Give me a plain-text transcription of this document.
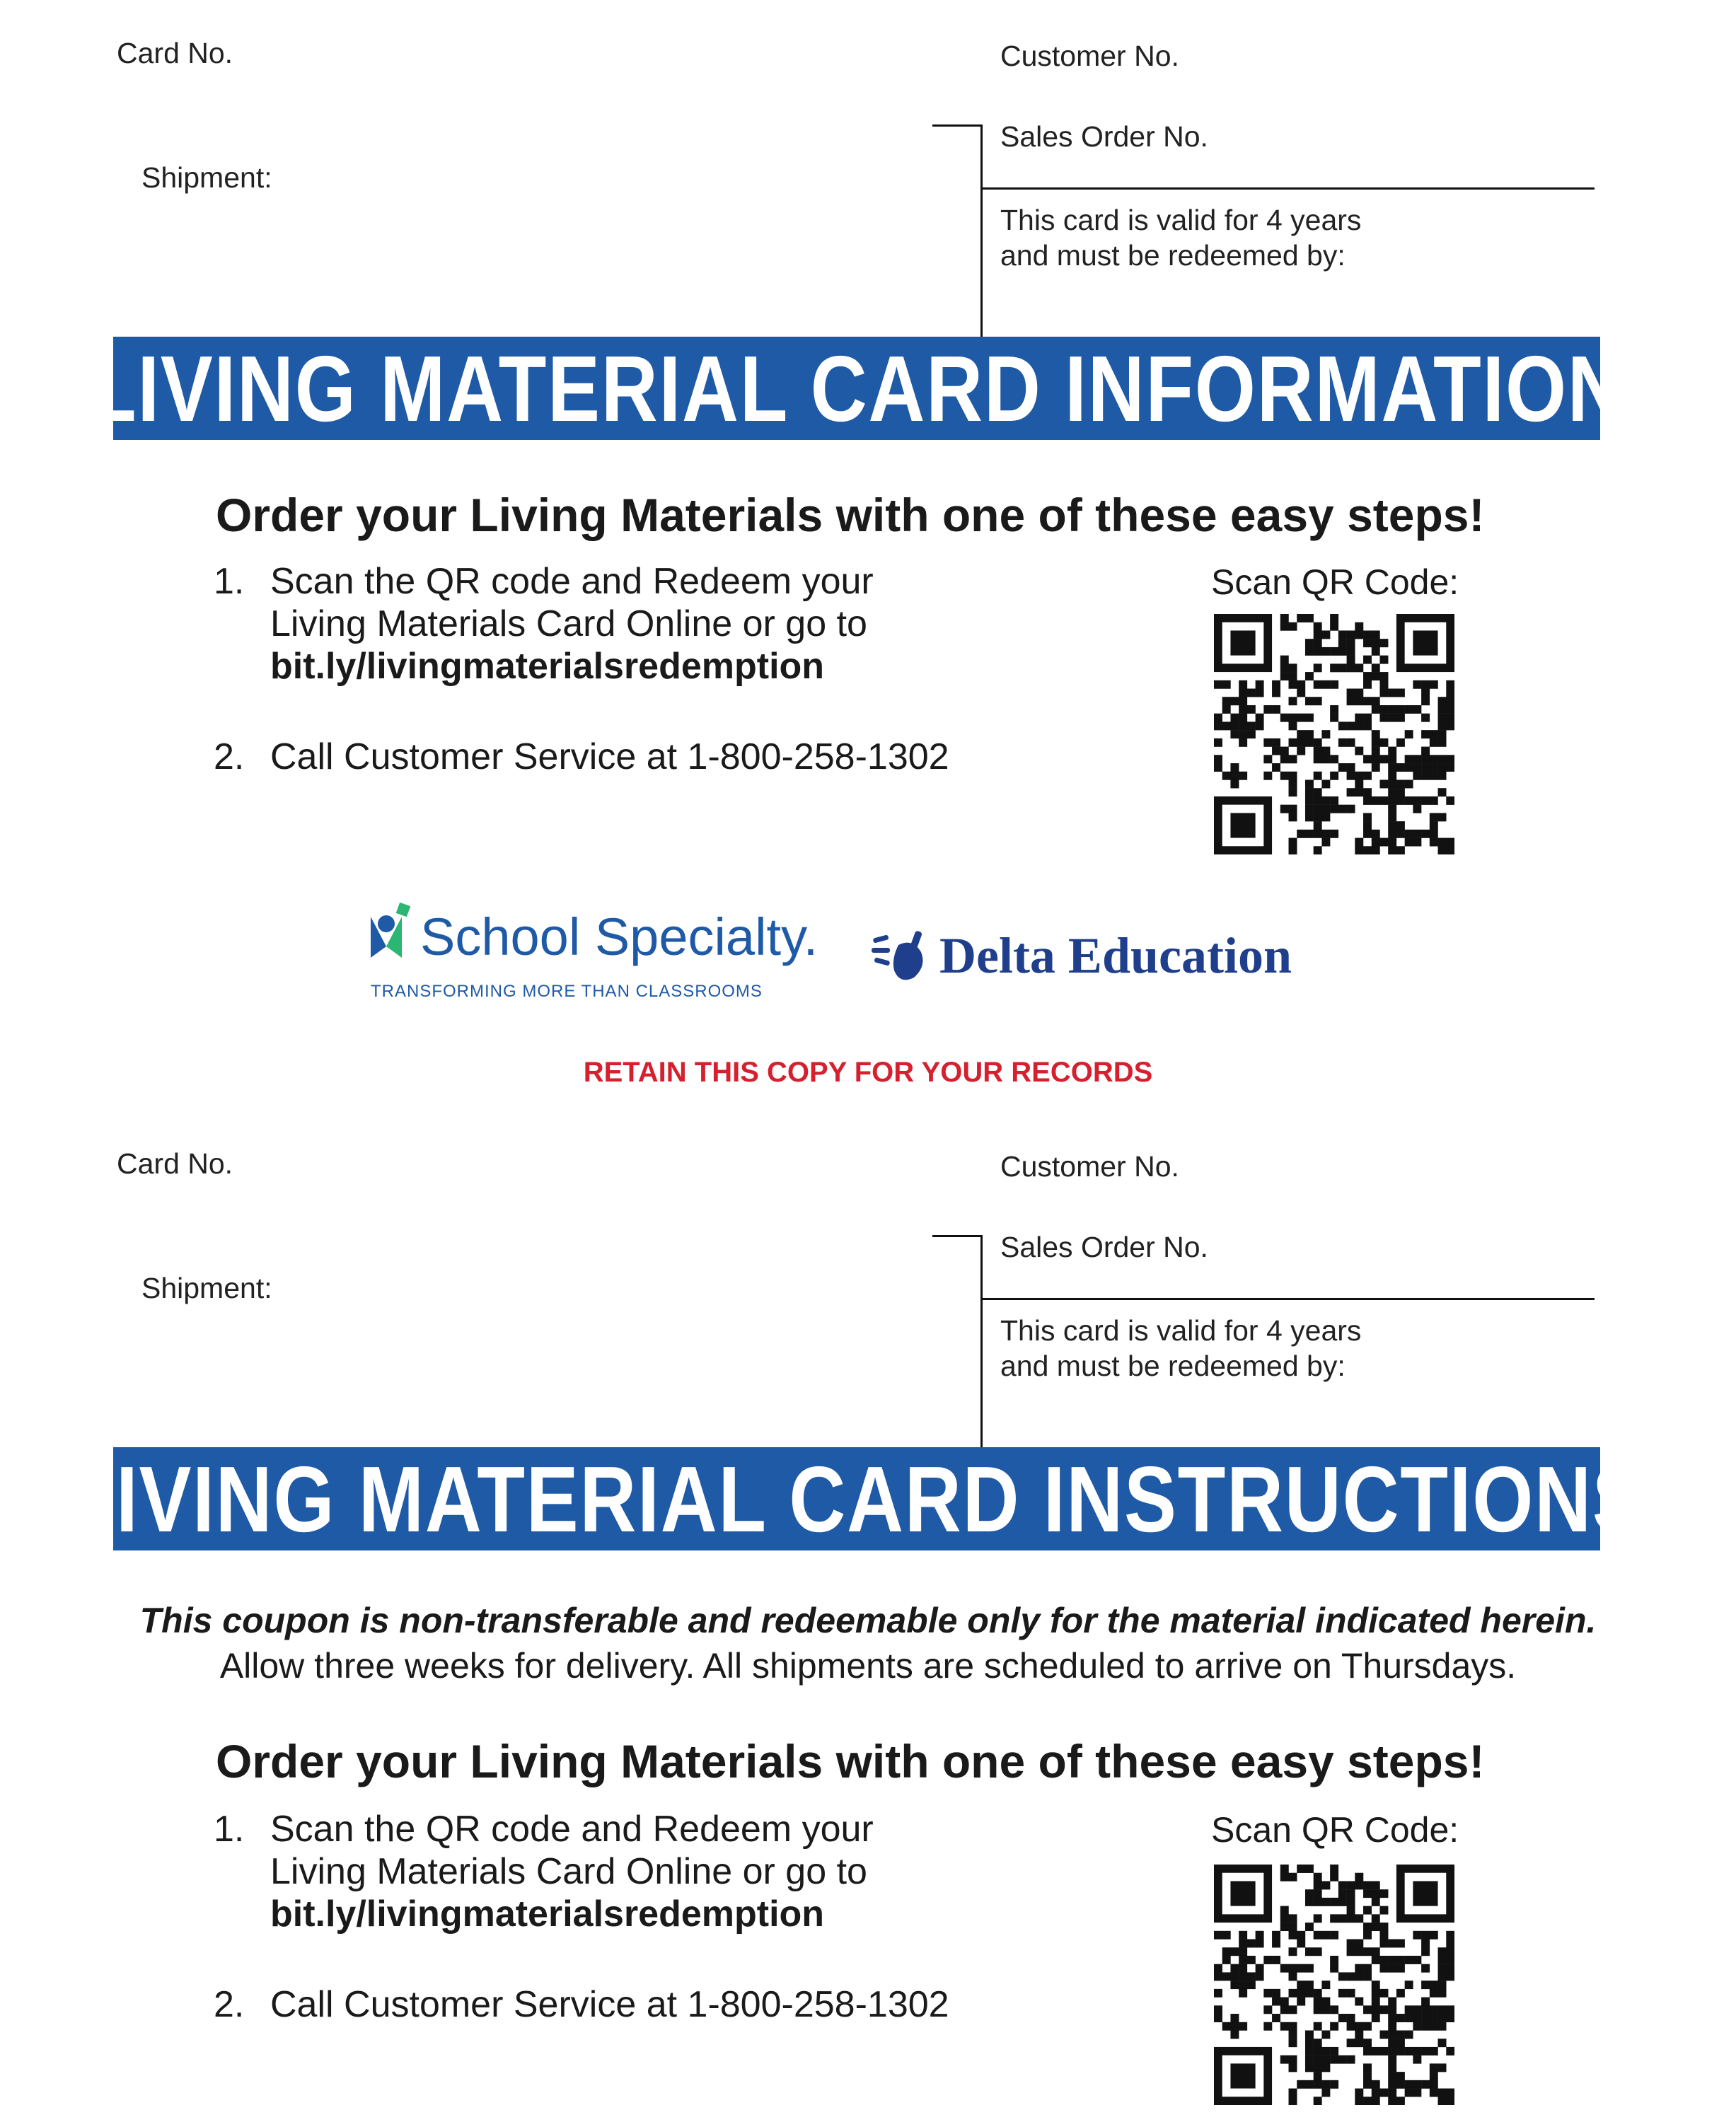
Card No.	Customer No.
Shipment:
Sales Order No.
This card is valid for 4 years
and must be redeemed by:
LIVING MATERIAL CARD INFORMATION
Order your Living Materials with one of these easy steps!
1. Scan the QR code and Redeem your
Living Materials Card Online or go to
bit.ly/livingmaterialsredemption
2. Call Customer Service at 1-800-258-1302
Scan QR Code:
School Specialty.
TRANSFORMING MORE THAN CLASSROOMS
Delta Education
RETAIN THIS COPY FOR YOUR RECORDS
Card No.	Customer No.
Shipment:
Sales Order No.
This card is valid for 4 years
and must be redeemed by:
LIVING MATERIAL CARD INSTRUCTIONS
This coupon is non-transferable and redeemable only for the material indicated herein.
Allow three weeks for delivery. All shipments are scheduled to arrive on Thursdays.
Order your Living Materials with one of these easy steps!
1. Scan the QR code and Redeem your
Living Materials Card Online or go to
bit.ly/livingmaterialsredemption
2. Call Customer Service at 1-800-258-1302
Scan QR Code:
